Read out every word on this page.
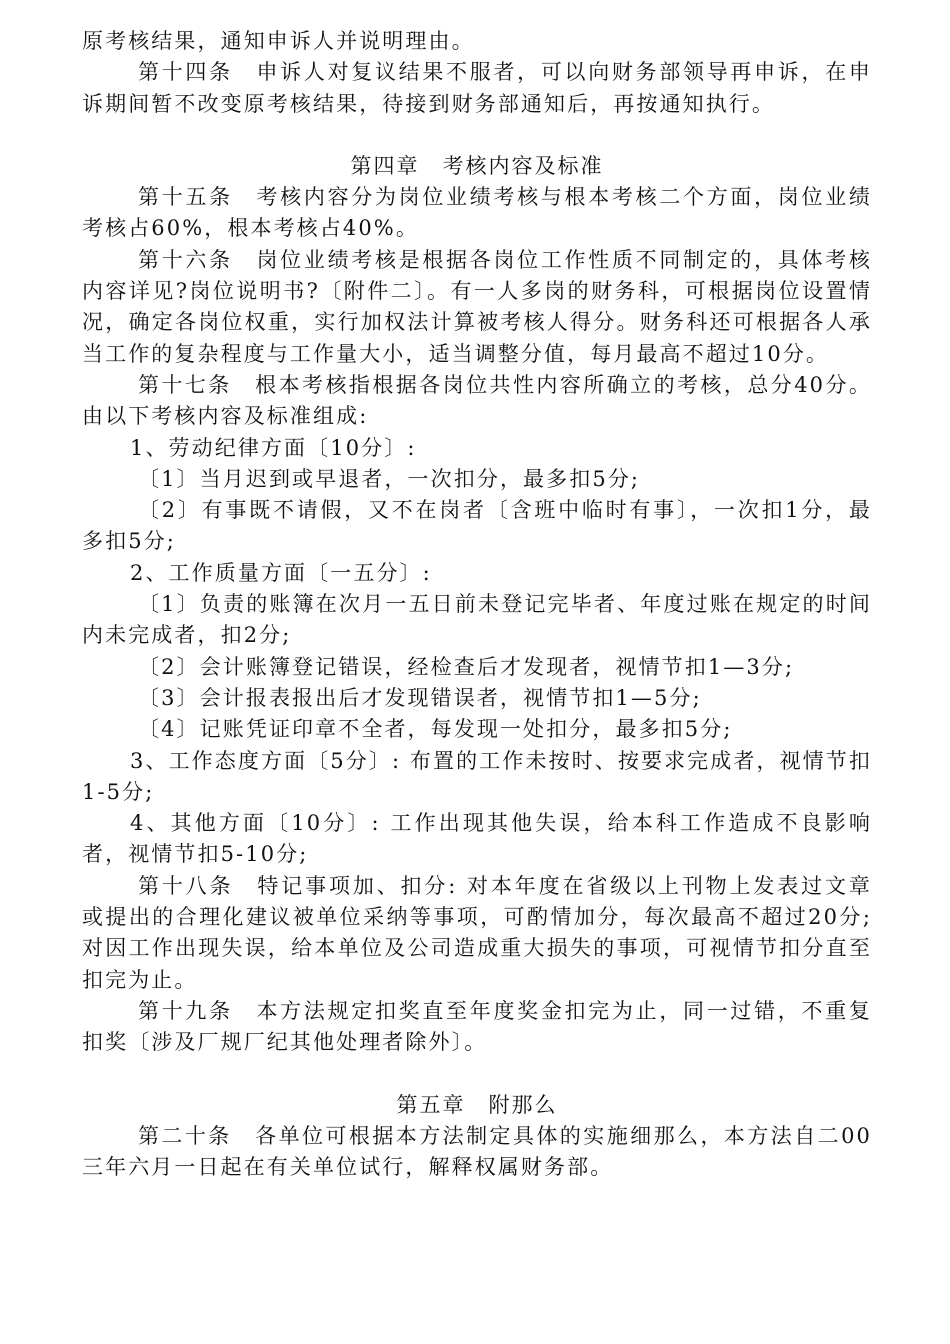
原考核结果，通知申诉人并说明理由。

第十四条　申诉人对复议结果不服者，可以向财务部领导再申诉，在申诉期间暂不改变原考核结果，待接到财务部通知后，再按通知执行。

第四章　考核内容及标准

第十五条　考核内容分为岗位业绩考核与根本考核二个方面，岗位业绩考核占60%，根本考核占40%。

第十六条　岗位业绩考核是根据各岗位工作性质不同制定的，具体考核内容详见?岗位说明书?〔附件二〕。有一人多岗的财务科，可根据岗位设置情况，确定各岗位权重，实行加权法计算被考核人得分。财务科还可根据各人承当工作的复杂程度与工作量大小，适当调整分值，每月最高不超过10分。

第十七条　根本考核指根据各岗位共性内容所确立的考核，总分40分。由以下考核内容及标准组成:

1、劳动纪律方面〔10分〕:

〔1〕当月迟到或早退者，一次扣分，最多扣5分;

〔2〕有事既不请假，又不在岗者〔含班中临时有事〕，一次扣1分，最多扣5分;

2、工作质量方面〔一五分〕:

〔1〕负责的账簿在次月一五日前未登记完毕者、年度过账在规定的时间内未完成者，扣2分;

〔2〕会计账簿登记错误，经检查后才发现者，视情节扣1—3分;

〔3〕会计报表报出后才发现错误者，视情节扣1—5分;

〔4〕记账凭证印章不全者，每发现一处扣分，最多扣5分;

3、工作态度方面〔5分〕: 布置的工作未按时、按要求完成者，视情节扣1-5分;

4、其他方面〔10分〕: 工作出现其他失误，给本科工作造成不良影响者，视情节扣5-10分;

第十八条　特记事项加、扣分: 对本年度在省级以上刊物上发表过文章或提出的合理化建议被单位采纳等事项，可酌情加分，每次最高不超过20分; 对因工作出现失误，给本单位及公司造成重大损失的事项，可视情节扣分直至扣完为止。

第十九条　本方法规定扣奖直至年度奖金扣完为止，同一过错，不重复扣奖〔涉及厂规厂纪其他处理者除外〕。

第五章　附那么

第二十条　各单位可根据本方法制定具体的实施细那么，本方法自二00三年六月一日起在有关单位试行，解释权属财务部。
